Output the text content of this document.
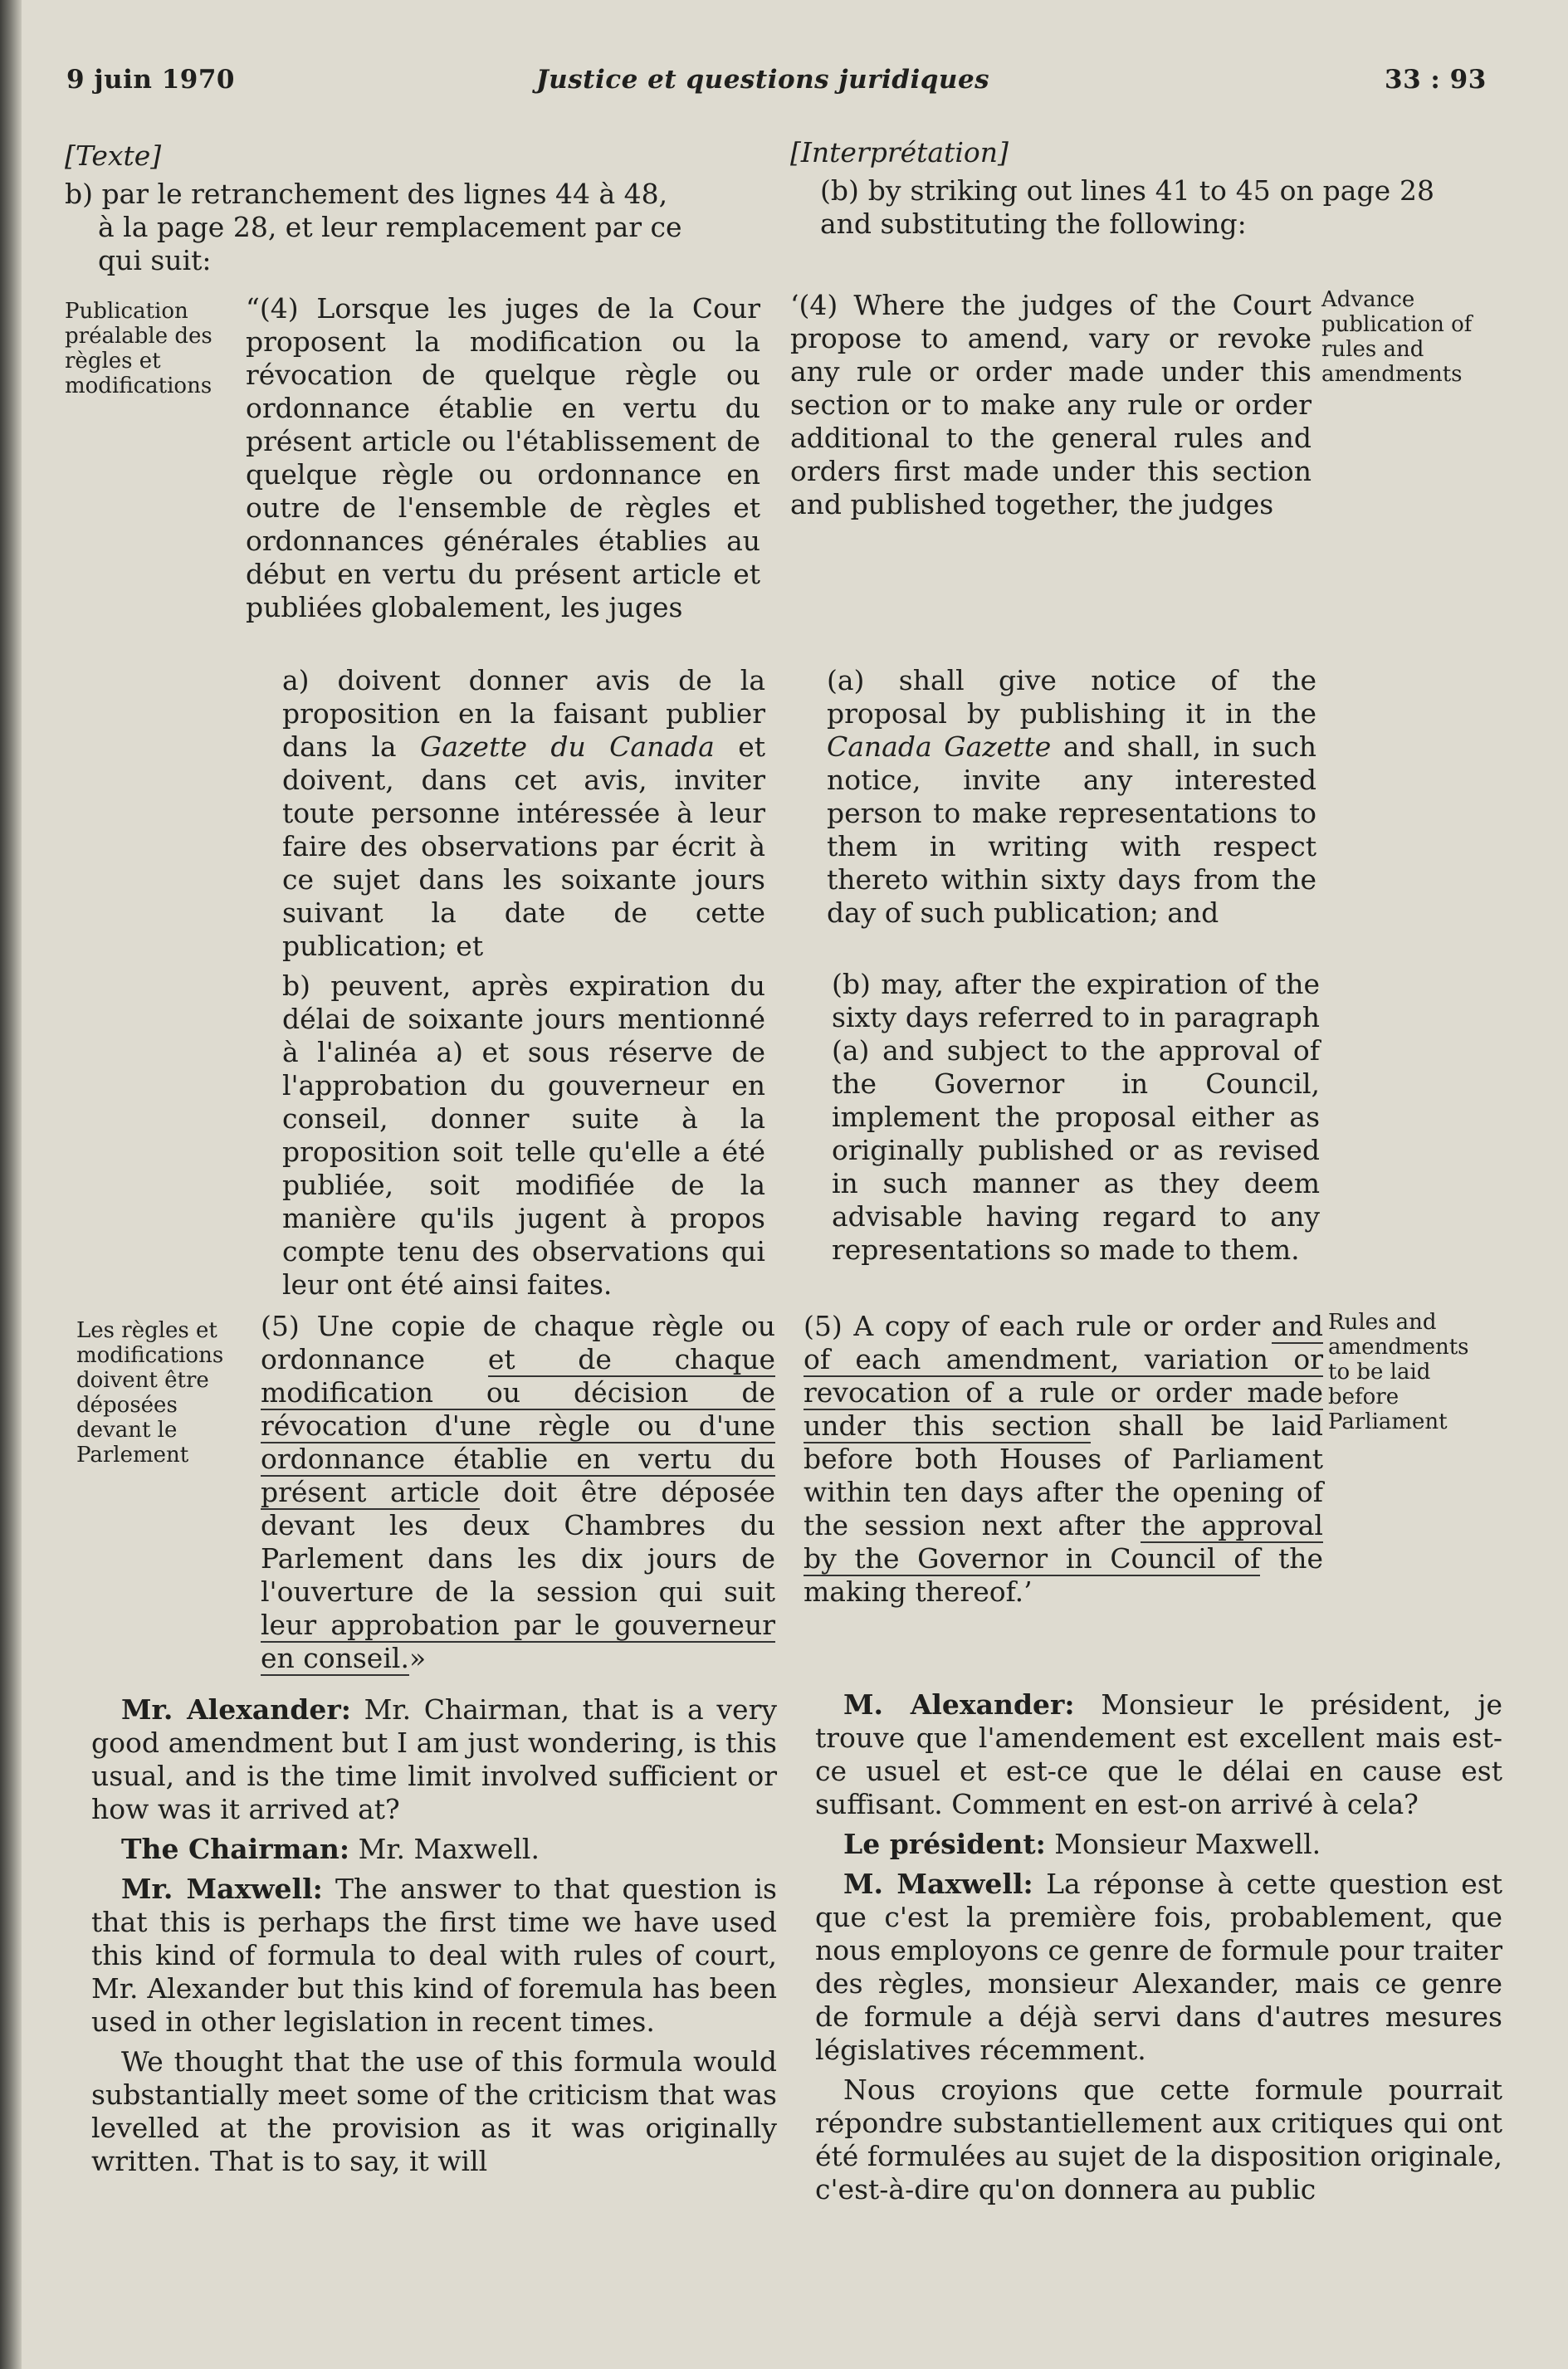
9 juin 1970	Justice et questions juridiques	33 : 93
[Texte]

b) par le retranchement des lignes 44 à 48,

à la page 28, et leur remplacement par ce

qui suit:

Publication préalable des règles et modifications
“(4) Lorsque les juges de la Cour proposent la modification ou la révocation de quelque règle ou ordonnance établie en vertu du présent article ou l'établissement de quelque règle ou ordonnance en outre de l'ensemble de règles et ordonnances générales établies au début en vertu du présent article et publiées globalement, les juges
a) doivent donner avis de la proposition en la faisant publier dans la Gazette du Canada et doivent, dans cet avis, inviter toute personne intéressée à leur faire des observations par écrit à ce sujet dans les soixante jours suivant la date de cette publication; et
b) peuvent, après expiration du délai de soixante jours mentionné à l'alinéa a) et sous réserve de l'approbation du gouverneur en conseil, donner suite à la proposition soit telle qu'elle a été publiée, soit modifiée de la manière qu'ils jugent à propos compte tenu des observations qui leur ont été ainsi faites.
Les règles et modifications doivent être déposées devant le Parlement
(5) Une copie de chaque règle ou ordonnance et de chaque modification ou décision de révocation d'une règle ou d'une ordonnance établie en vertu du présent article doit être déposée devant les deux Chambres du Parlement dans les dix jours de l'ouverture de la session qui suit leur approbation par le gouverneur en conseil.»

Mr. Alexander: Mr. Chairman, that is a very good amendment but I am just wondering, is this usual, and is the time limit involved sufficient or how was it arrived at?

The Chairman: Mr. Maxwell.

Mr. Maxwell: The answer to that question is that this is perhaps the first time we have used this kind of formula to deal with rules of court, Mr. Alexander but this kind of foremula has been used in other legislation in recent times.

We thought that the use of this formula would substantially meet some of the criticism that was levelled at the provision as it was originally written. That is to say, it will

[Interprétation]
(b) by striking out lines 41 to 45 on page 28 and substituting the following:
Advance publication of rules and amendments
‘(4) Where the judges of the Court propose to amend, vary or revoke any rule or order made under this section or to make any rule or order additional to the general rules and orders first made under this section and published together, the judges
(a) shall give notice of the proposal by publishing it in the Canada Gazette and shall, in such notice, invite any interested person to make representations to them in writing with respect thereto within sixty days from the day of such publication; and
(b) may, after the expiration of the sixty days referred to in paragraph (a) and subject to the approval of the Governor in Council, implement the proposal either as originally published or as revised in such manner as they deem advisable having regard to any representations so made to them.
Rules and amendments to be laid before Parliament
(5) A copy of each rule or order and of each amendment, variation or revocation of a rule or order made under this section shall be laid before both Houses of Parliament within ten days after the opening of the session next after the approval by the Governor in Council of the making thereof.’

M. Alexander: Monsieur le président, je trouve que l'amendement est excellent mais est-ce usuel et est-ce que le délai en cause est suffisant. Comment en est-on arrivé à cela?

Le président: Monsieur Maxwell.

M. Maxwell: La réponse à cette question est que c'est la première fois, probablement, que nous employons ce genre de formule pour traiter des règles, monsieur Alexander, mais ce genre de formule a déjà servi dans d'autres mesures législatives récemment.

Nous croyions que cette formule pourrait répondre substantiellement aux critiques qui ont été formulées au sujet de la disposition originale, c'est-à-dire qu'on donnera au public
